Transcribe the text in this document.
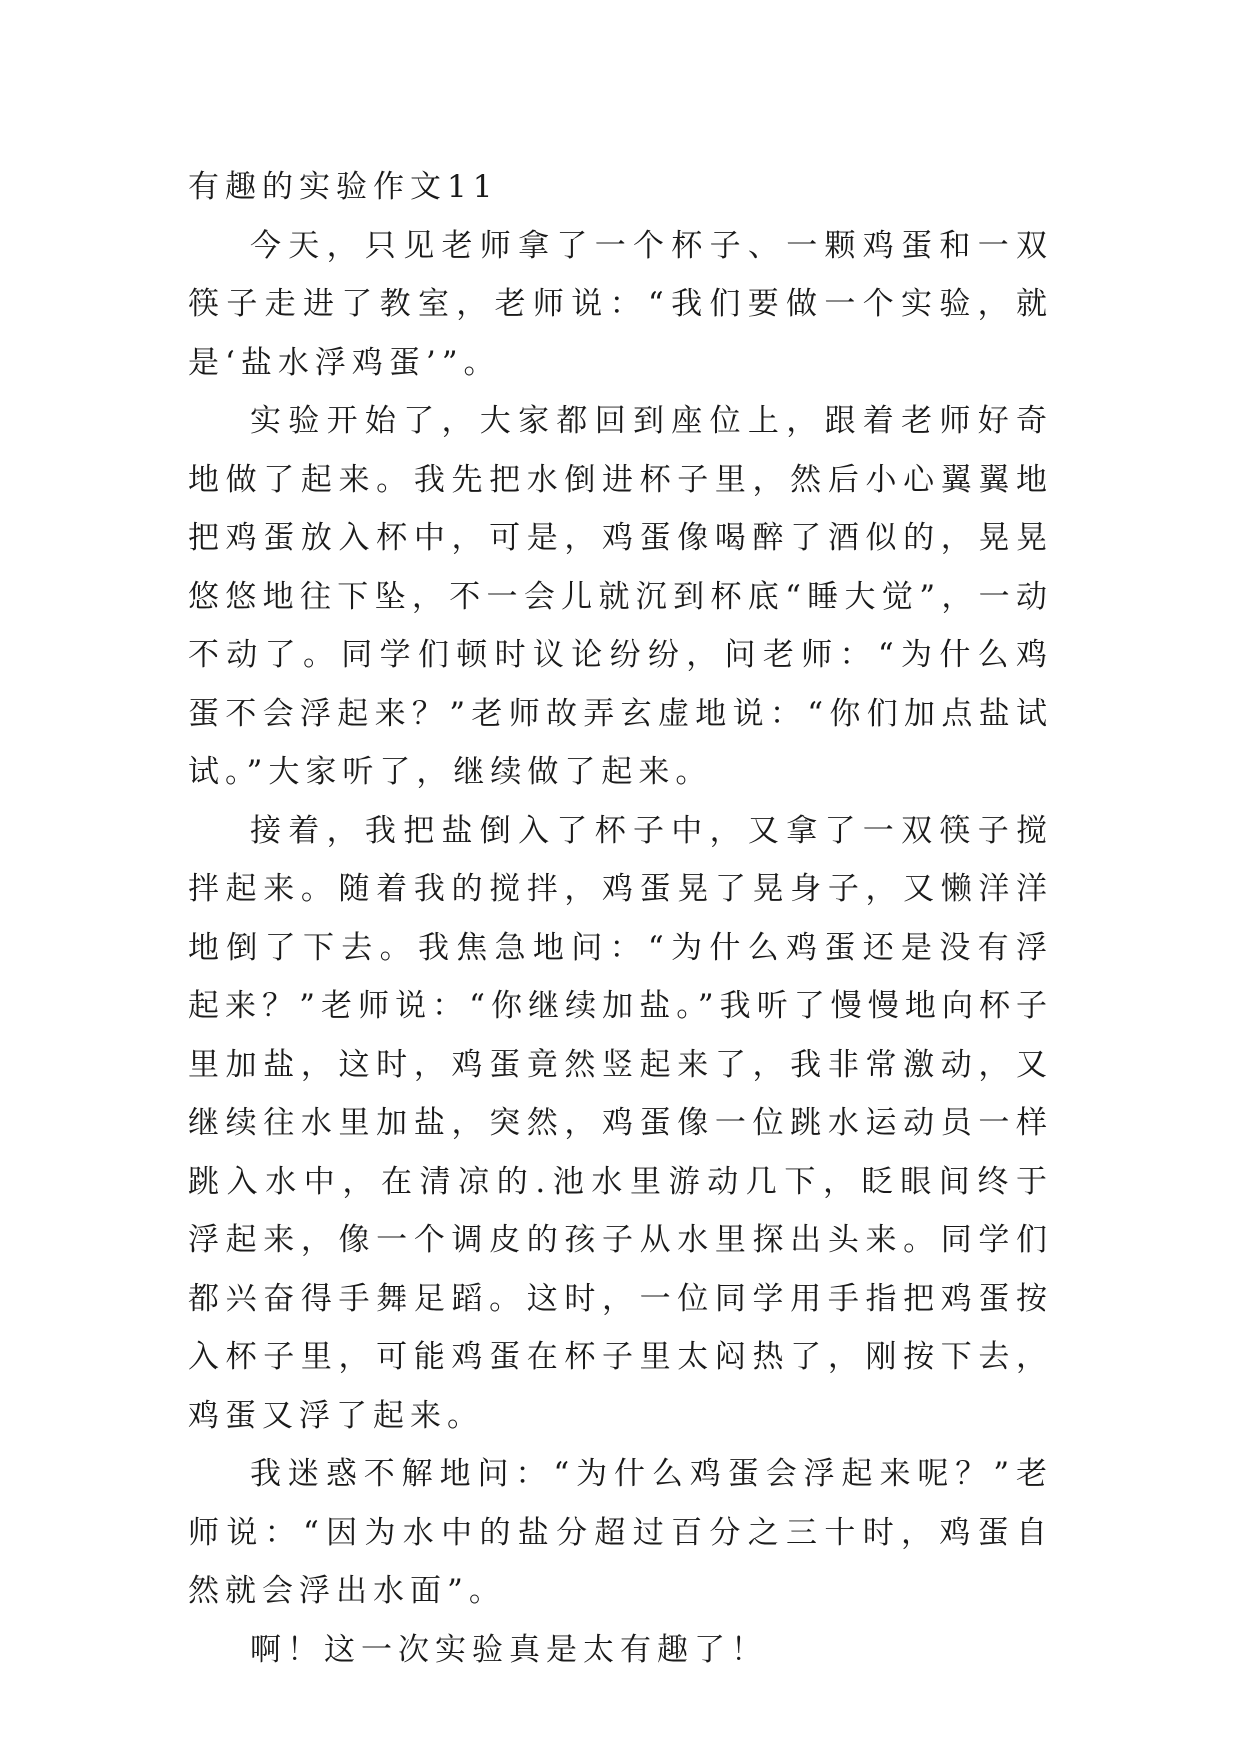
有趣的实验作文11

今天，只见老师拿了一个杯子、一颗鸡蛋和一双筷子走进了教室，老师说：“我们要做一个实验，就是‘盐水浮鸡蛋’”。

实验开始了，大家都回到座位上，跟着老师好奇地做了起来。我先把水倒进杯子里，然后小心翼翼地把鸡蛋放入杯中，可是，鸡蛋像喝醉了酒似的，晃晃悠悠地往下坠，不一会儿就沉到杯底“睡大觉”，一动不动了。同学们顿时议论纷纷，问老师：“为什么鸡蛋不会浮起来？”老师故弄玄虚地说：“你们加点盐试试。”大家听了，继续做了起来。

接着，我把盐倒入了杯子中，又拿了一双筷子搅拌起来。随着我的搅拌，鸡蛋晃了晃身子，又懒洋洋地倒了下去。我焦急地问：“为什么鸡蛋还是没有浮起来？”老师说：“你继续加盐。”我听了慢慢地向杯子里加盐，这时，鸡蛋竟然竖起来了，我非常激动，又继续往水里加盐，突然，鸡蛋像一位跳水运动员一样跳入水中，在清凉的.池水里游动几下，眨眼间终于浮起来，像一个调皮的孩子从水里探出头来。同学们都兴奋得手舞足蹈。这时，一位同学用手指把鸡蛋按入杯子里，可能鸡蛋在杯子里太闷热了，刚按下去，鸡蛋又浮了起来。

我迷惑不解地问：“为什么鸡蛋会浮起来呢？”老师说：“因为水中的盐分超过百分之三十时，鸡蛋自然就会浮出水面”。

啊！这一次实验真是太有趣了！
